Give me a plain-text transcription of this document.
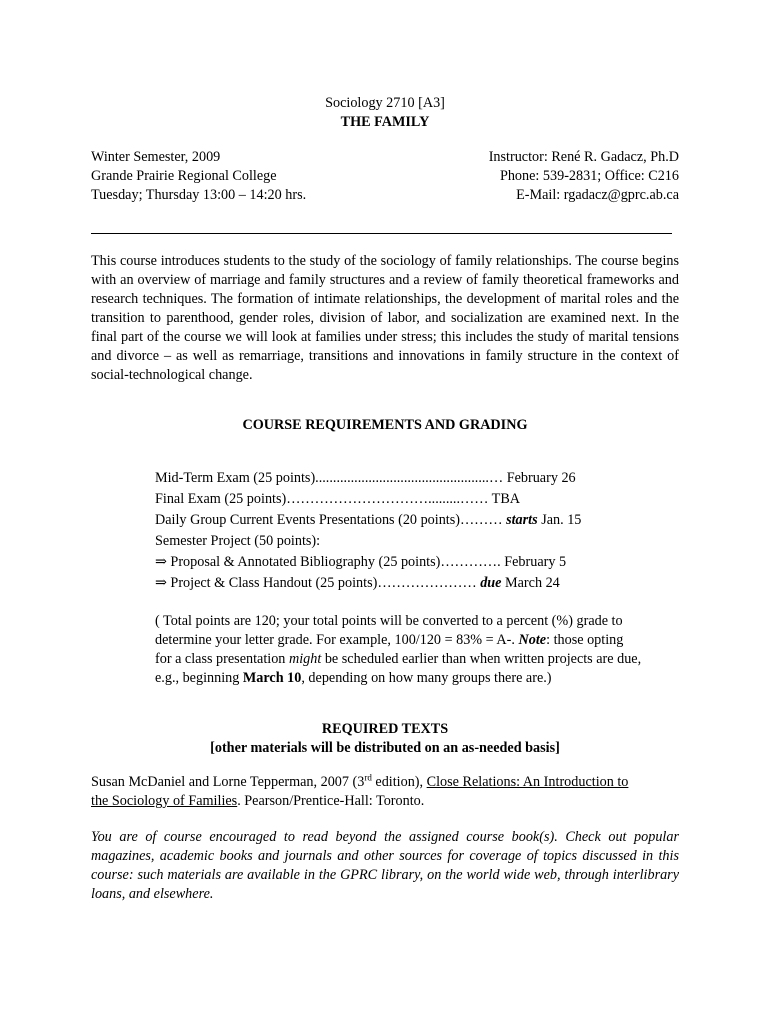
Sociology 2710 [A3]
THE FAMILY
Winter Semester, 2009
Grande Prairie Regional College
Tuesday; Thursday 13:00 – 14:20 hrs.
Instructor: René R. Gadacz, Ph.D
Phone: 539-2831; Office: C216
E-Mail: rgadacz@gprc.ab.ca
This course introduces students to the study of the sociology of family relationships. The course begins with an overview of marriage and family structures and a review of family theoretical frameworks and research techniques. The formation of intimate relationships, the development of marital roles and the transition to parenthood, gender roles, division of labor, and socialization are examined next. In the final part of the course we will look at families under stress; this includes the study of marital tensions and divorce – as well as remarriage, transitions and innovations in family structure in the context of social-technological change.
COURSE REQUIREMENTS AND GRADING
Mid-Term Exam (25 points).................................................… February 26
Final Exam (25 points)………………………….........…… TBA
Daily Group Current Events Presentations (20 points)……… starts Jan. 15
Semester Project (50 points):
⇒ Proposal & Annotated Bibliography (25 points)…………. February 5
⇒ Project & Class Handout (25 points)………………… due March 24
( Total points are 120; your total points will be converted to a percent (%) grade to
determine your letter grade. For example, 100/120 = 83% = A-. Note: those opting
for a class presentation might be scheduled earlier than when written projects are due,
e.g., beginning March 10, depending on how many groups there are.)
REQUIRED TEXTS
[other materials will be distributed on an as-needed basis]
Susan McDaniel and Lorne Tepperman, 2007 (3rd edition), Close Relations: An Introduction to
the Sociology of Families. Pearson/Prentice-Hall: Toronto.
You are of course encouraged to read beyond the assigned course book(s). Check out popular magazines, academic books and journals and other sources for coverage of topics discussed in this course: such materials are available in the GPRC library, on the world wide web, through interlibrary loans, and elsewhere.
